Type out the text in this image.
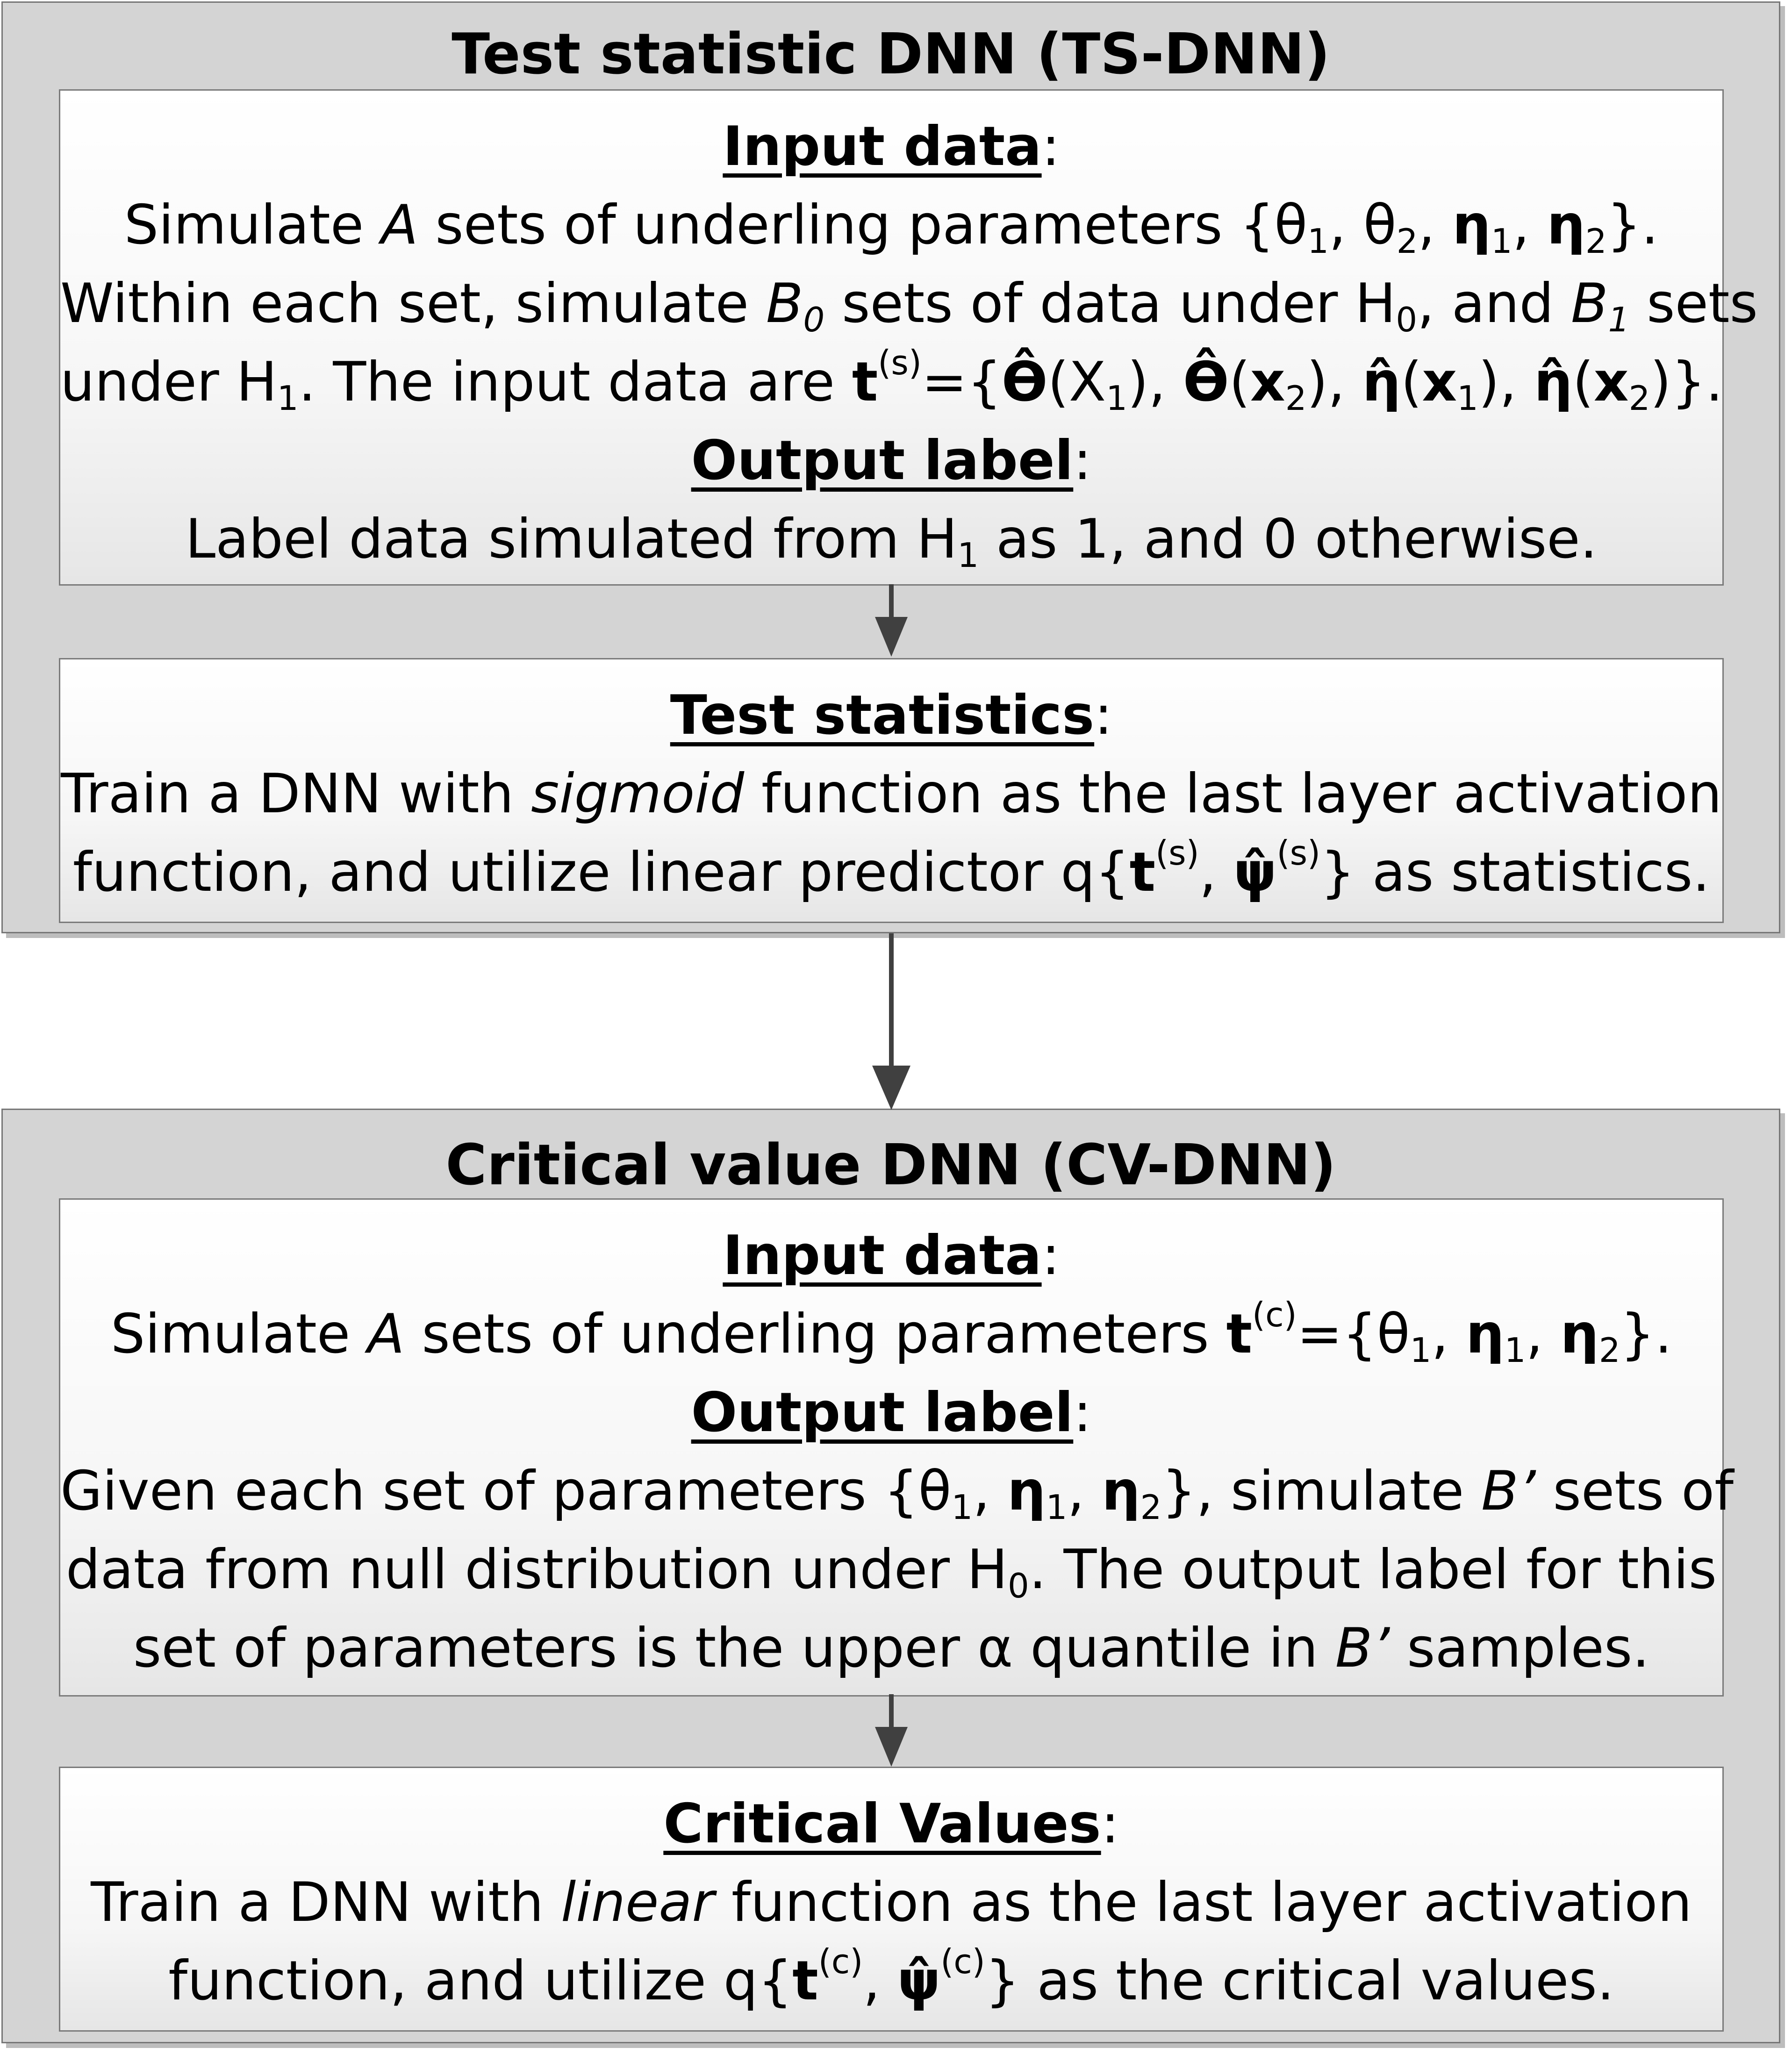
Test statistic DNN (TS-DNN)
Input data:
Simulate A sets of underling parameters {$\theta_1$, $\theta_2$, $\eta_1$, $\eta_2$}.
Within each set, simulate $B_0$ sets of data under $H_0$, and $B_1$ sets
under $H_1$. The input data are $t^{(s)}=\{ϴ̂(X_1)$, $ϴ̂(x_2)$, $\etâ(x_1)$, $\etâ(x_2)$}.
Output label:
Label data simulated from $H_1$ as 1, and 0 otherwise.
Test statistics:
Train a DNN with sigmoid function as the last layer activation
function, and utilize linear predictor $q\{t^{(s)}$, ψ̂$^{(s)}$} as statistics.
Critical value DNN (CV-DNN)
Input data:
Simulate A sets of underling parameters $t^{(c)}=\{\theta_1$, $\eta_1$, $\eta_2$}.
Output label:
Given each set of parameters {$\theta_1$, $\eta_1$, $\eta_2$}, simulate B’ sets of
data from null distribution under $H_0$. The output label for this
set of parameters is the upper α quantile in B’ samples.
Critical Values:
Train a DNN with linear function as the last layer activation
function, and utilize $q\{t^{(c)}$, ψ̂$^{(c)}$} as the critical values.
